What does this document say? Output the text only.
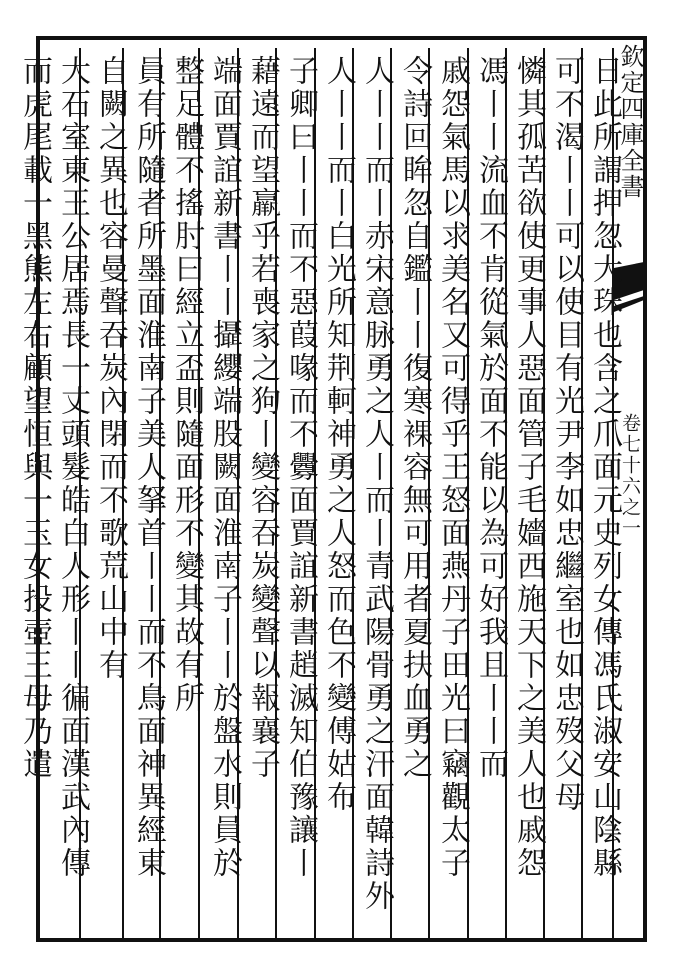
欽定四庫全書
卷七十六之一
日此所謂押忽大珠也含之爪面元史列女傳馮氏淑安山陰縣
可不渴丨丨可以使目有光尹李如忠繼室也如忠歿父母
憐其孤苦欲使更事人惡面管子毛嬙西施天下之美人也戚怨
馮丨丨流血不肯從氣於面不能以為可好我且丨丨而
戚怨氣馬以求美名又可得乎王怒面燕丹子田光曰竊觀太子
令詩回眸忽自鑑丨丨復寒裸容無可用者夏扶血勇之
人丨丨而丨赤宋意脉勇之人丨而丨青武陽骨勇之汗面韓詩外
人丨丨而丨白光所知荆軻神勇之人怒而色不變傅姑布
子卿曰丨丨而不惡葭喙而不釁面賈誼新書趙滅知伯豫讓丨
藉遠而望羸乎若喪家之狗丨變容吞炭變聲以報襄子
端面賈誼新書丨丨攝纓端股闕面淮南子丨丨於盤水則員於
整足體不搖肘曰經立盃則隨面形不變其故有所
員有所隨者所墨面淮南子美人拏首丨丨而不鳥面神異經東
自闕之異也容曼聲吞炭內閉而不歌荒山中有
大石室東王公居焉長一丈頭髮皓白人形丨丨徧面漢武內傳
而虎尾載一黑熊左右顧望恒與一玉女投壺王母乃遣
